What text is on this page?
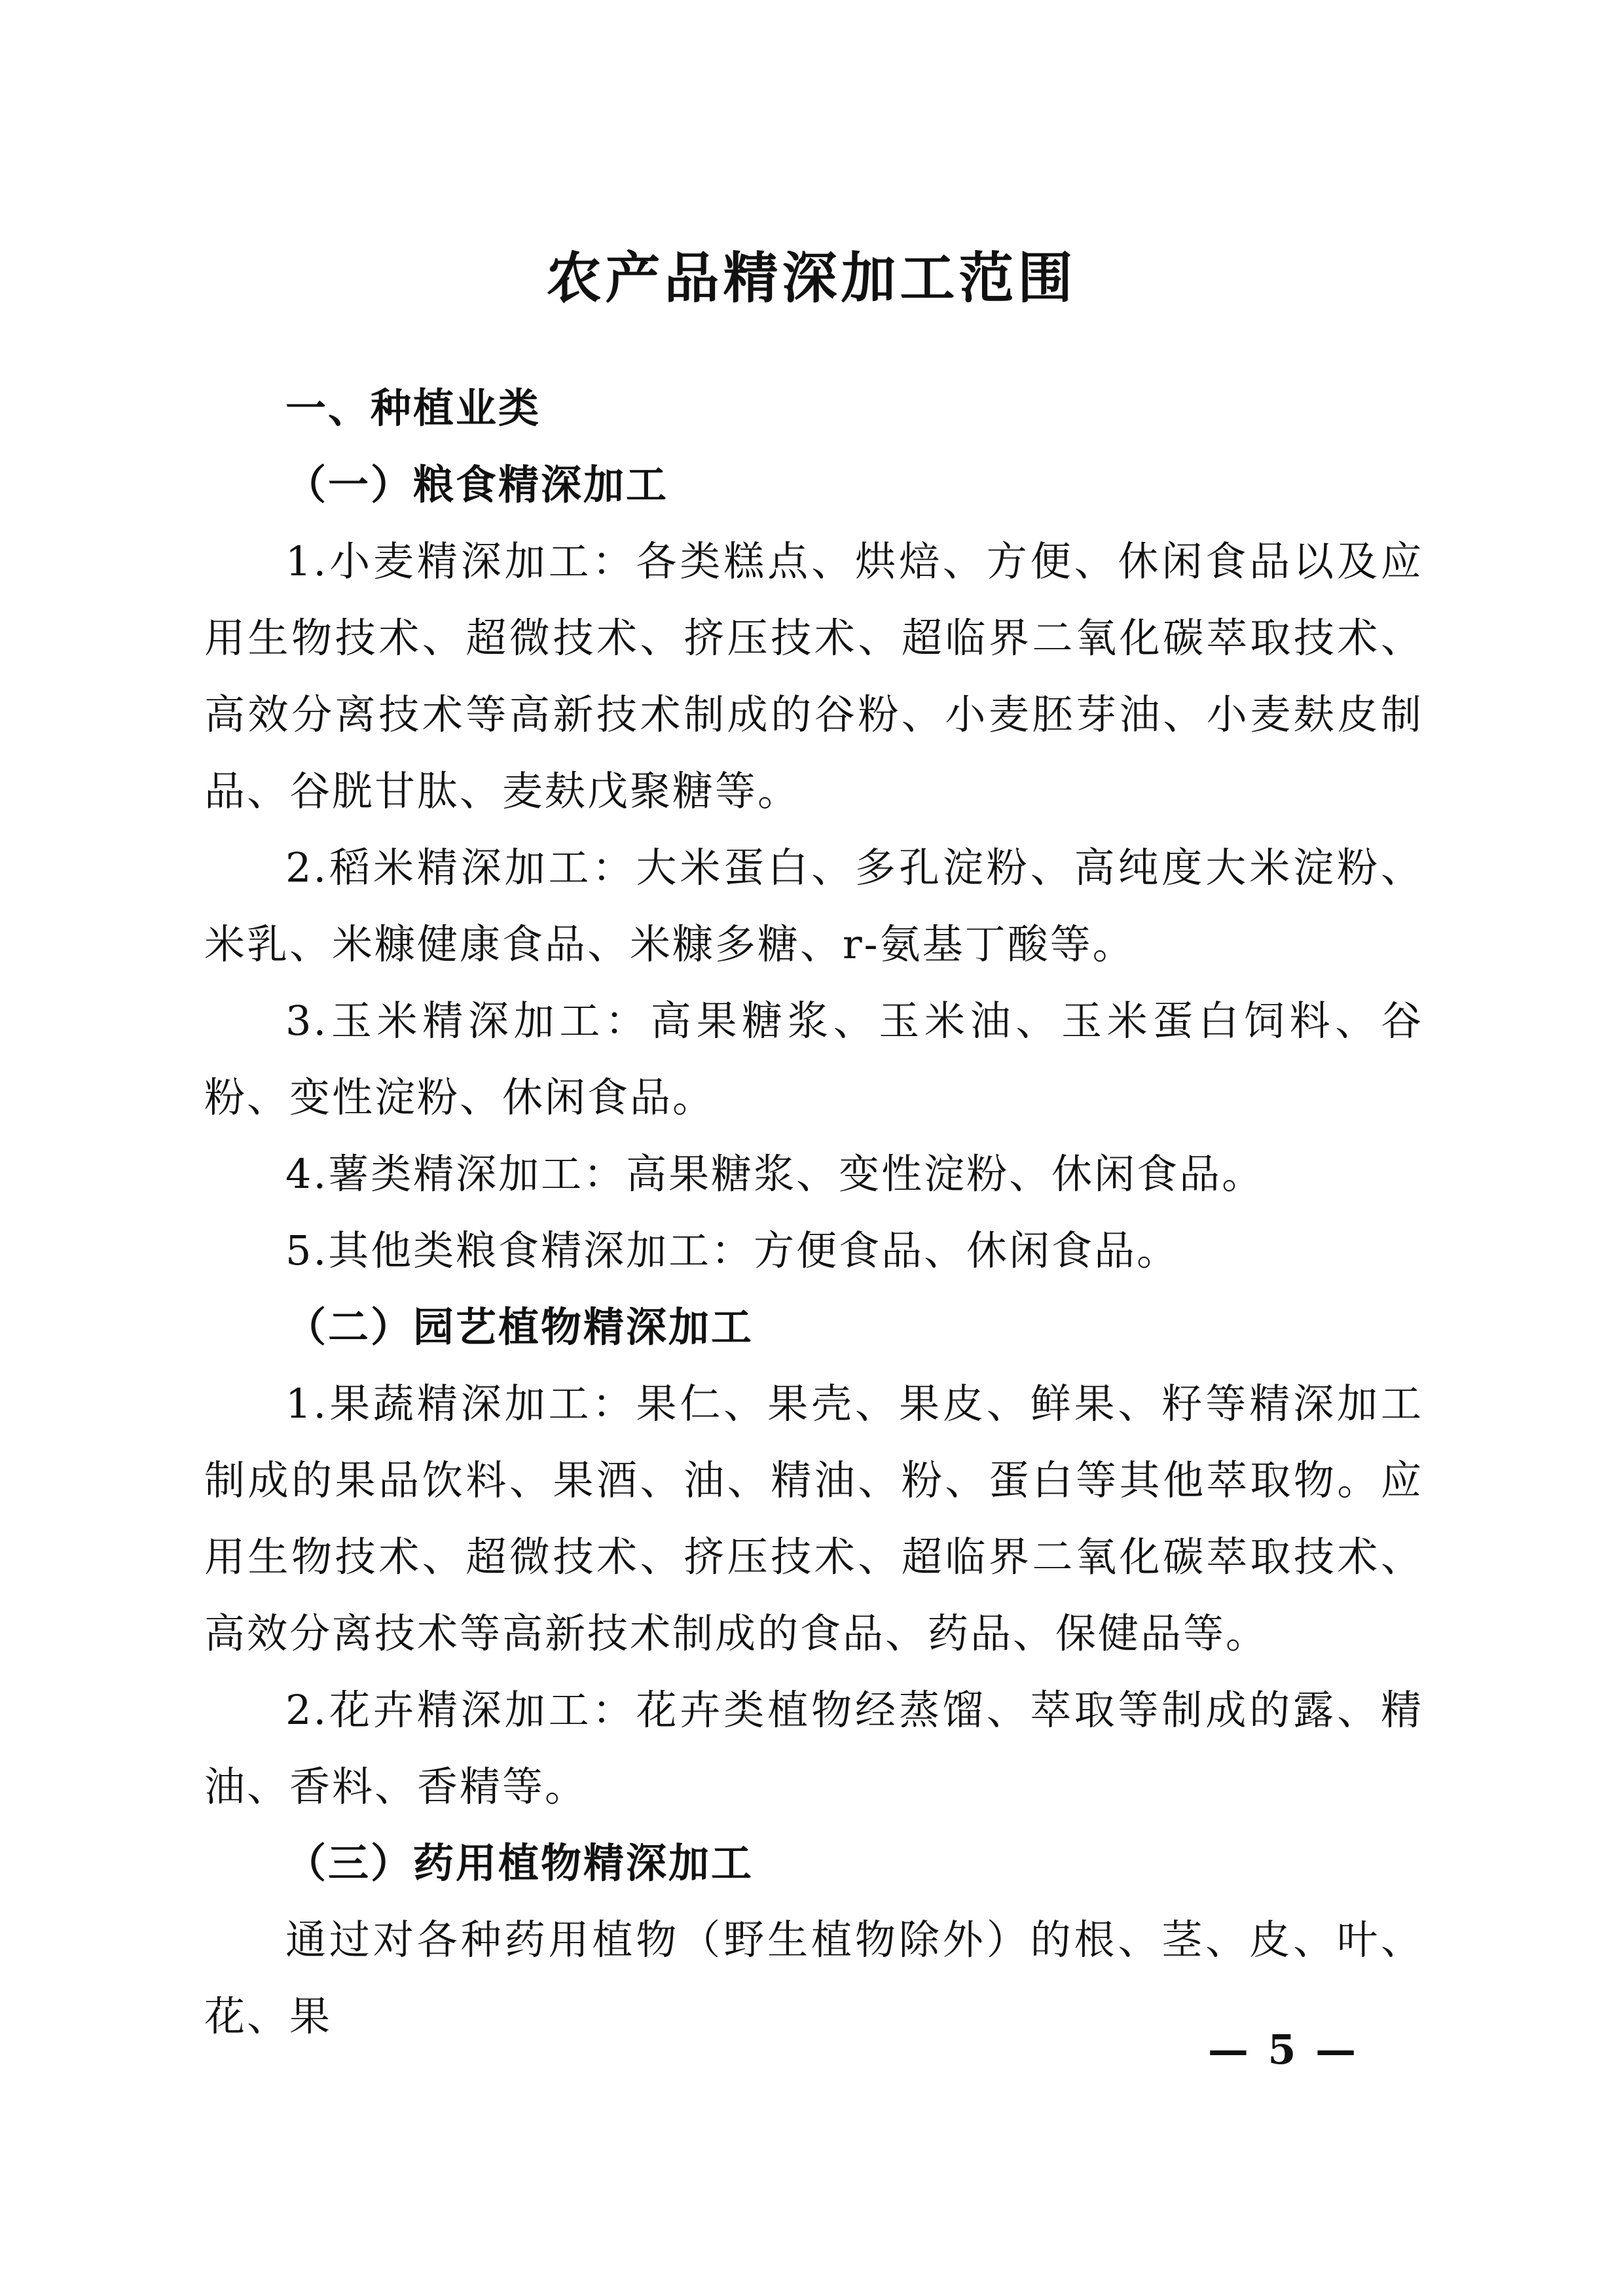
农产品精深加工范围

一、种植业类

（一）粮食精深加工

1.小麦精深加工：各类糕点、烘焙、方便、休闲食品以及应用生物技术、超微技术、挤压技术、超临界二氧化碳萃取技术、高效分离技术等高新技术制成的谷粉、小麦胚芽油、小麦麸皮制品、谷胱甘肽、麦麸戊聚糖等。

2.稻米精深加工：大米蛋白、多孔淀粉、高纯度大米淀粉、米乳、米糠健康食品、米糠多糖、r-氨基丁酸等。

3.玉米精深加工：高果糖浆、玉米油、玉米蛋白饲料、谷粉、变性淀粉、休闲食品。

4.薯类精深加工：高果糖浆、变性淀粉、休闲食品。

5.其他类粮食精深加工：方便食品、休闲食品。

（二）园艺植物精深加工

1.果蔬精深加工：果仁、果壳、果皮、鲜果、籽等精深加工制成的果品饮料、果酒、油、精油、粉、蛋白等其他萃取物。应用生物技术、超微技术、挤压技术、超临界二氧化碳萃取技术、高效分离技术等高新技术制成的食品、药品、保健品等。

2.花卉精深加工：花卉类植物经蒸馏、萃取等制成的露、精油、香料、香精等。

（三）药用植物精深加工

通过对各种药用植物（野生植物除外）的根、茎、皮、叶、花、果

— 5 —
